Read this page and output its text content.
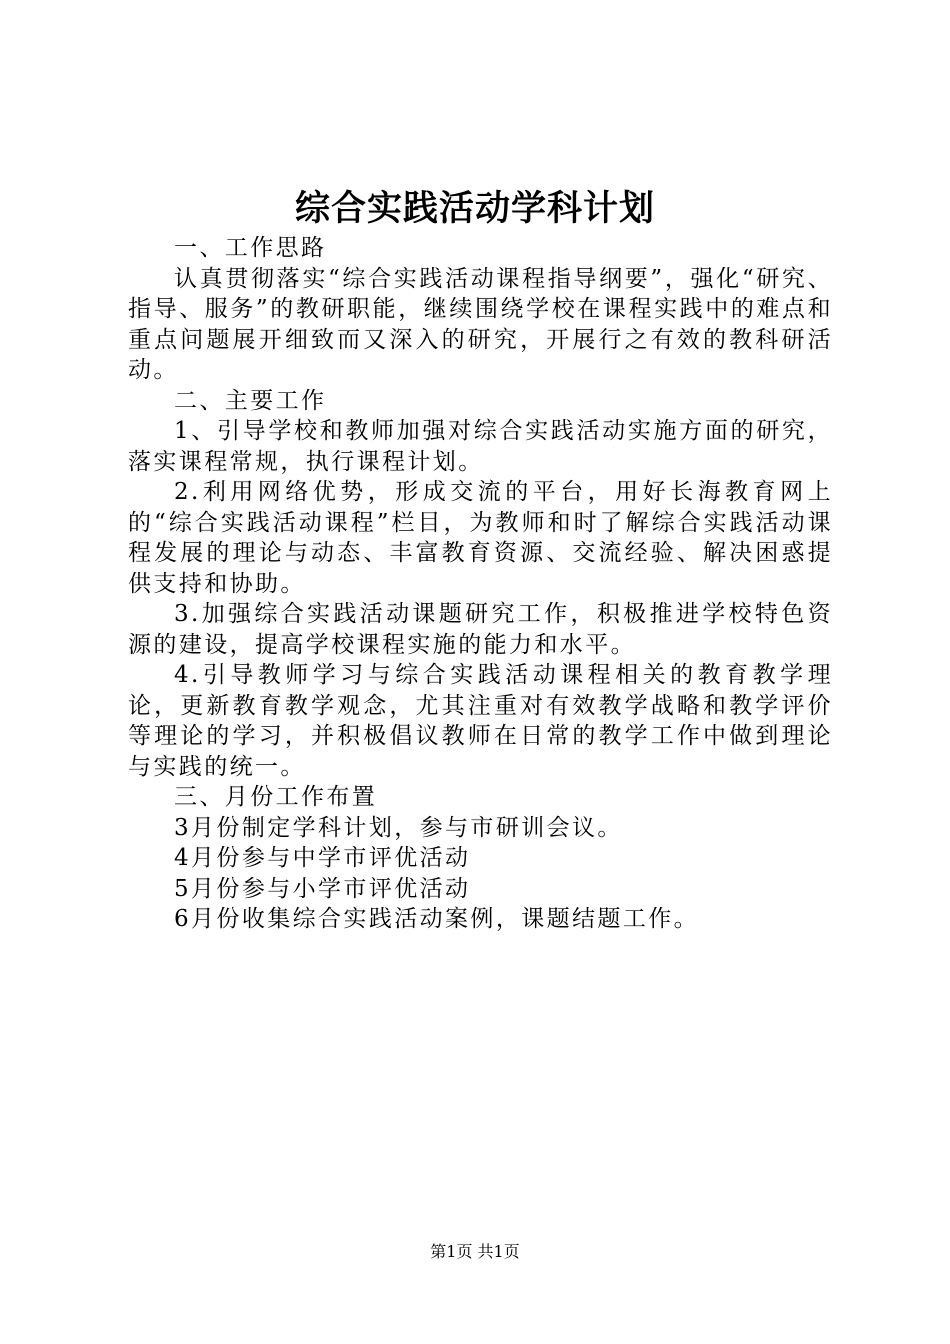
综合实践活动学科计划

一、工作思路

认真贯彻落实“综合实践活动课程指导纲要”，强化“研究、指导、服务”的教研职能，继续围绕学校在课程实践中的难点和重点问题展开细致而又深入的研究，开展行之有效的教科研活动。

二、主要工作

1、引导学校和教师加强对综合实践活动实施方面的研究，落实课程常规，执行课程计划。

2.利用网络优势，形成交流的平台，用好长海教育网上的“综合实践活动课程”栏目，为教师和时了解综合实践活动课程发展的理论与动态、丰富教育资源、交流经验、解决困惑提供支持和协助。

3.加强综合实践活动课题研究工作，积极推进学校特色资源的建设，提高学校课程实施的能力和水平。

4.引导教师学习与综合实践活动课程相关的教育教学理论，更新教育教学观念，尤其注重对有效教学战略和教学评价等理论的学习，并积极倡议教师在日常的教学工作中做到理论与实践的统一。

三、月份工作布置

3月份制定学科计划，参与市研训会议。

4月份参与中学市评优活动

5月份参与小学市评优活动

6月份收集综合实践活动案例，课题结题工作。

第1页 共1页
